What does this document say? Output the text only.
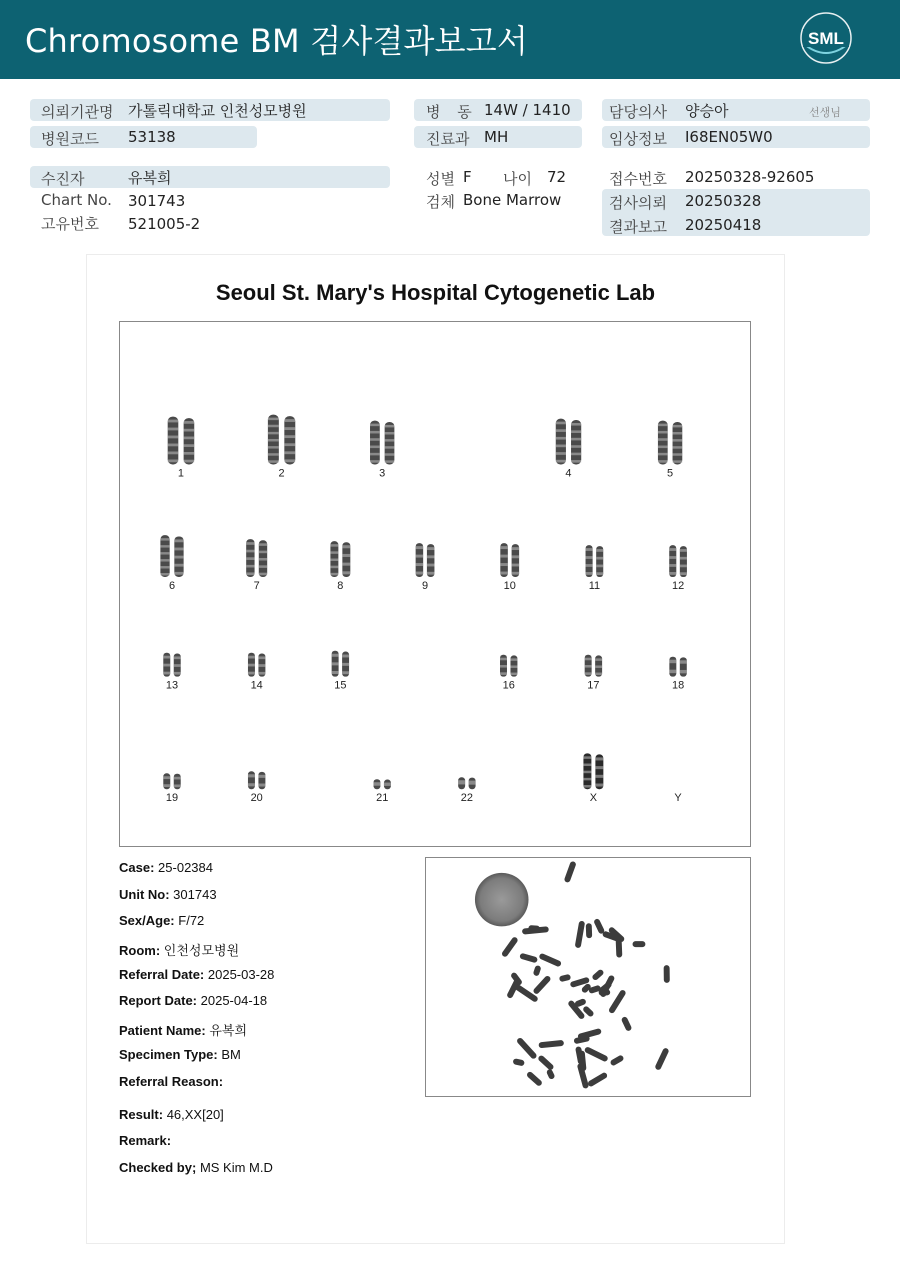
Chromosome BM 검사결과보고서	SML
의뢰기관명 가톨릭대학교 인천성모병원	병 동 14W / 1410	담당의사 양승아	선생님
병원코드 53138	진료과 MH	임상정보 I68EN05W0
수진자	유복희
Chart No. 301743
고유번호 521005-2
성별 F 나이 72
검체 Bone Marrow
접수번호 20250328-92605
검사의뢰 20250328
결과보고 20250418
Seoul St. Mary's Hospital Cytogenetic Lab
1	2	3	4	5
6	7	8	9	10	11	12
13	14	15	16	17	18
19	20	21	22	X	Y
Case: 25-02384
Unit No: 301743
Sex/Age: F/72
Room: 인천성모병원
Referral Date: 2025-03-28
Report Date: 2025-04-18
Patient Name: 유복희
Specimen Type: BM
Referral Reason:
Result: 46,XX[20]
Remark:
Checked by; MS Kim M.D
